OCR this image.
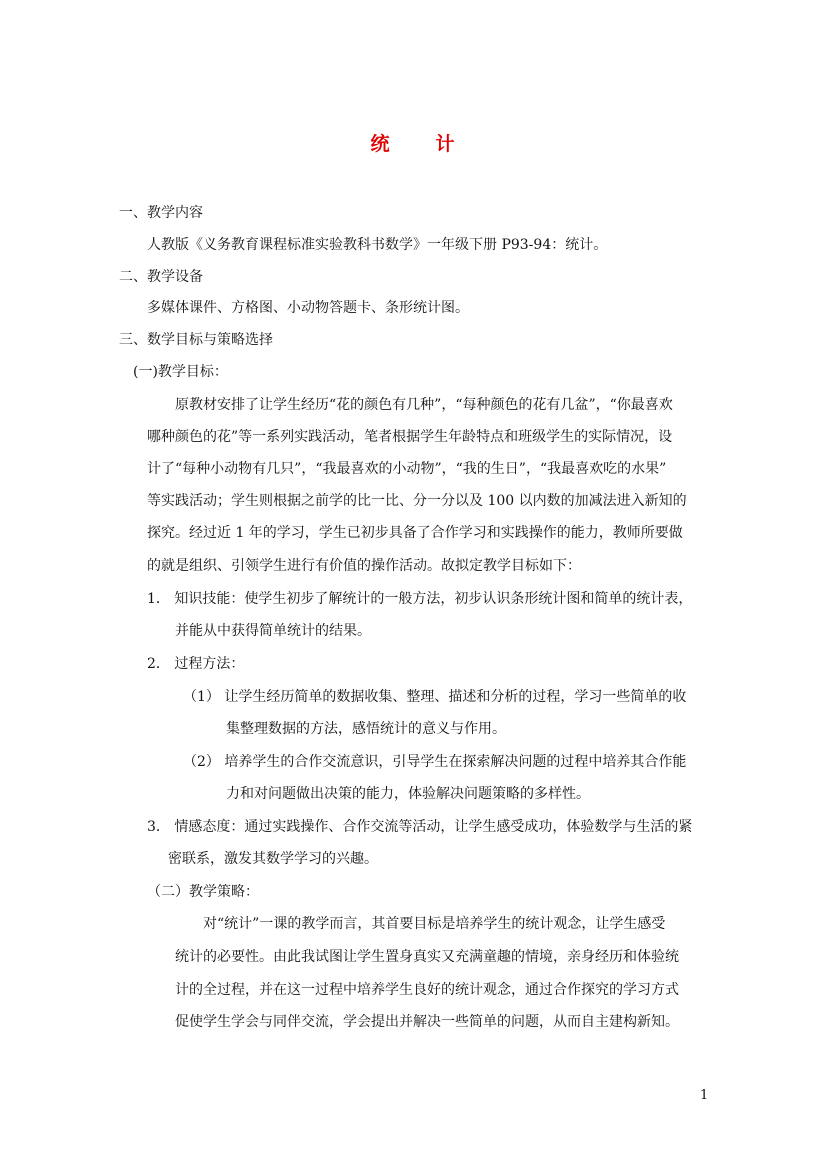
统 计
一、教学内容
人教版《义务教育课程标准实验教科书数学》一年级下册 P93-94：统计。
二、教学设备
多媒体课件、方格图、小动物答题卡、条形统计图。
三、数学目标与策略选择
(一)教学目标：
原教材安排了让学生经历“花的颜色有几种”，“每种颜色的花有几盆”，“你最喜欢
哪种颜色的花”等一系列实践活动，笔者根据学生年龄特点和班级学生的实际情况，设
计了“每种小动物有几只”，“我最喜欢的小动物”，“我的生日”，“我最喜欢吃的水果”
等实践活动；学生则根据之前学的比一比、分一分以及 100 以内数的加减法进入新知的
探究。经过近 1 年的学习，学生已初步具备了合作学习和实践操作的能力，教师所要做
的就是组织、引领学生进行有价值的操作活动。故拟定教学目标如下：
1． 知识技能：使学生初步了解统计的一般方法，初步认识条形统计图和简单的统计表，
并能从中获得简单统计的结果。
2． 过程方法：
（1） 让学生经历简单的数据收集、整理、描述和分析的过程，学习一些简单的收
集整理数据的方法，感悟统计的意义与作用。
（2） 培养学生的合作交流意识，引导学生在探索解决问题的过程中培养其合作能
力和对问题做出决策的能力，体验解决问题策略的多样性。
3． 情感态度：通过实践操作、合作交流等活动，让学生感受成功，体验数学与生活的紧
密联系，激发其数学学习的兴趣。
（二）教学策略：
对“统计”一课的教学而言，其首要目标是培养学生的统计观念，让学生感受
统计的必要性。由此我试图让学生置身真实又充满童趣的情境，亲身经历和体验统
计的全过程，并在这一过程中培养学生良好的统计观念，通过合作探究的学习方式
促使学生学会与同伴交流，学会提出并解决一些简单的问题，从而自主建构新知。
1
